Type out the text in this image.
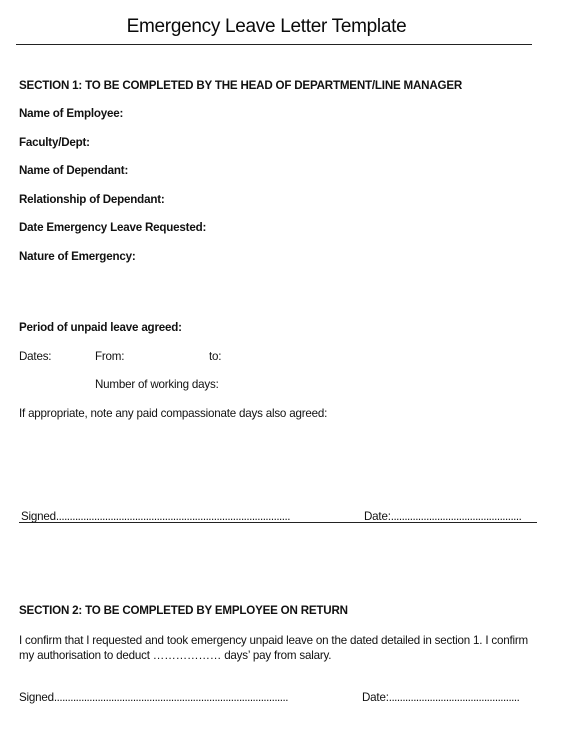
Emergency Leave Letter Template
SECTION 1: TO BE COMPLETED BY THE HEAD OF DEPARTMENT/LINE MANAGER
Name of Employee:
Faculty/Dept:
Name of Dependant:
Relationship of Dependant:
Date Emergency Leave Requested:
Nature of Emergency:
Period of unpaid leave agreed:
Dates:	From:	to:
Number of working days:
If appropriate, note any paid compassionate days also agreed:
Signed......................................................................................	Date:................................................
SECTION 2: TO BE COMPLETED BY EMPLOYEE ON RETURN
I confirm that I requested and took emergency unpaid leave on the dated detailed in section 1. I confirm my authorisation to deduct ……………… days’ pay from salary.
Signed......................................................................................	Date:................................................
